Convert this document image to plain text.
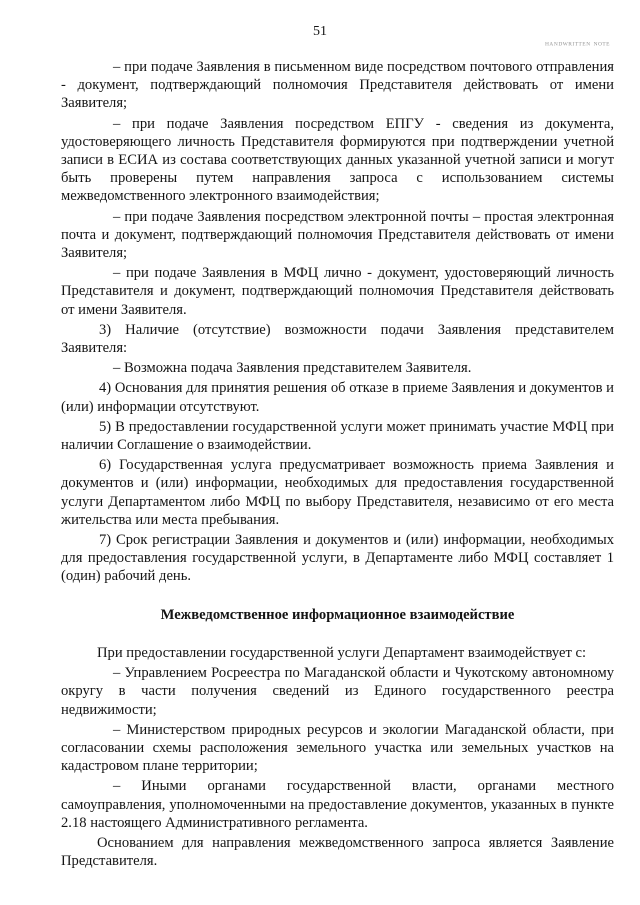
51
ᴴᴬᴺᴰᵂᴿᴵᵀᵀᴱᴺ ᴺᴼᵀᴱ

– при подаче Заявления в письменном виде посредством почтового отправления - документ, подтверждающий полномочия Представителя действовать от имени Заявителя;

– при подаче Заявления посредством ЕПГУ - сведения из документа, удостоверяющего личность Представителя формируются при подтверждении учетной записи в ЕСИА из состава соответствующих данных указанной учетной записи и могут быть проверены путем направления запроса с использованием системы межведомственного электронного взаимодействия;

– при подаче Заявления посредством электронной почты – простая электронная почта и документ, подтверждающий полномочия Представителя действовать от имени Заявителя;

– при подаче Заявления в МФЦ лично - документ, удостоверяющий личность Представителя и документ, подтверждающий полномочия Представителя действовать от имени Заявителя.

3) Наличие (отсутствие) возможности подачи Заявления представителем Заявителя:

– Возможна подача Заявления представителем Заявителя.

4) Основания для принятия решения об отказе в приеме Заявления и документов и (или) информации отсутствуют.

5) В предоставлении государственной услуги может принимать участие МФЦ при наличии Соглашение о взаимодействии.

6) Государственная услуга предусматривает возможность приема Заявления и документов и (или) информации, необходимых для предоставления государственной услуги Департаментом либо МФЦ по выбору Представителя, независимо от его места жительства или места пребывания.

7) Срок регистрации Заявления и документов и (или) информации, необходимых для предоставления государственной услуги, в Департаменте либо МФЦ составляет 1 (один) рабочий день.

Межведомственное информационное взаимодействие

При предоставлении государственной услуги Департамент взаимодействует с:

– Управлением Росреестра по Магаданской области и Чукотскому автономному округу в части получения сведений из Единого государственного реестра недвижимости;

– Министерством природных ресурсов и экологии Магаданской области, при согласовании схемы расположения земельного участка или земельных участков на кадастровом плане территории;

– Иными органами государственной власти, органами местного самоуправления, уполномоченными на предоставление документов, указанных в пункте 2.18 настоящего Административного регламента.

Основанием для направления межведомственного запроса является Заявление Представителя.
